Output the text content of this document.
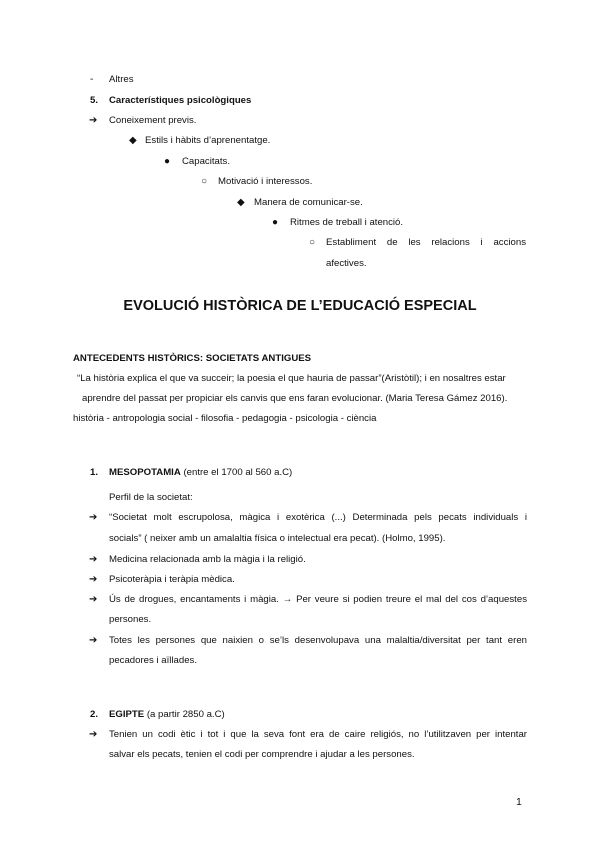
- Altres
5. Característiques psicològiques
➔ Coneixement previs.
◆ Estils i hàbits d’aprenentatge.
● Capacitats.
○ Motivació i interessos.
◆ Manera de comunicar-se.
● Ritmes de treball i atenció.
○ Establiment de les relacions i accions
afectives.
EVOLUCIÓ HISTÒRICA DE L’EDUCACIÓ ESPECIAL
ANTECEDENTS HISTÒRICS: SOCIETATS ANTIGUES
“La història explica el que va succeir; la poesia el que hauria de passar”(Aristòtil); i en nosaltres estar
aprendre del passat per propiciar els canvis que ens faran evolucionar. (Maria Teresa Gámez 2016).
història - antropologia social - filosofia - pedagogia - psicologia - ciència
1. MESOPOTAMIA (entre el 1700 al 560 a.C)
Perfil de la societat:
➔ “Societat molt escrupolosa, màgica i exotèrica (...) Determinada pels pecats individuals i
socials” ( neixer amb un amalaltia física o intelectual era pecat). (Holmo, 1995).
➔ Medicina relacionada amb la màgia i la religió.
➔ Psicoteràpia i teràpia mèdica.
➔ Ús de drogues, encantaments i màgia. → Per veure si podien treure el mal del cos d’aquestes
persones.
➔ Totes les persones que naixien o se’ls desenvolupava una malaltia/diversitat per tant eren
pecadores i aïllades.
2. EGIPTE (a partir 2850 a.C)
➔ Tenien un codi ètic i tot i que la seva font era de caire religiós, no l’utilitzaven per intentar
salvar els pecats, tenien el codi per comprendre i ajudar a les persones.
1
